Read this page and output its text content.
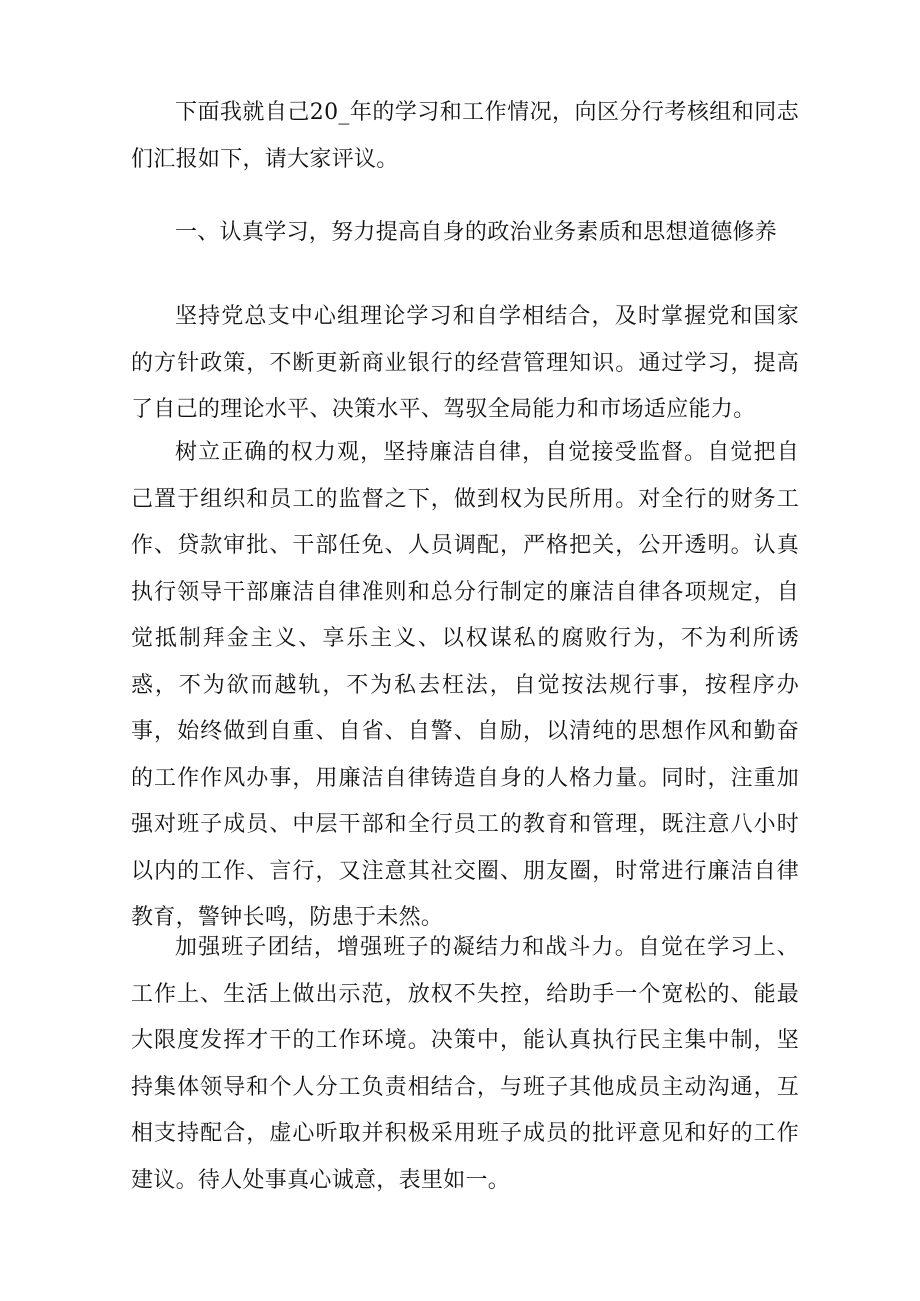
下面我就自己20_年的学习和工作情况，向区分行考核组和同志们汇报如下，请大家评议。

一、认真学习，努力提高自身的政治业务素质和思想道德修养

坚持党总支中心组理论学习和自学相结合，及时掌握党和国家的方针政策，不断更新商业银行的经营管理知识。通过学习，提高了自己的理论水平、决策水平、驾驭全局能力和市场适应能力。

树立正确的权力观，坚持廉洁自律，自觉接受监督。自觉把自己置于组织和员工的监督之下，做到权为民所用。对全行的财务工作、贷款审批、干部任免、人员调配，严格把关，公开透明。认真执行领导干部廉洁自律准则和总分行制定的廉洁自律各项规定，自觉抵制拜金主义、享乐主义、以权谋私的腐败行为，不为利所诱惑，不为欲而越轨，不为私去枉法，自觉按法规行事，按程序办事，始终做到自重、自省、自警、自励，以清纯的思想作风和勤奋的工作作风办事，用廉洁自律铸造自身的人格力量。同时，注重加强对班子成员、中层干部和全行员工的教育和管理，既注意八小时以内的工作、言行，又注意其社交圈、朋友圈，时常进行廉洁自律教育，警钟长鸣，防患于未然。

加强班子团结，增强班子的凝结力和战斗力。自觉在学习上、工作上、生活上做出示范，放权不失控，给助手一个宽松的、能最大限度发挥才干的工作环境。决策中，能认真执行民主集中制，坚持集体领导和个人分工负责相结合，与班子其他成员主动沟通，互相支持配合，虚心听取并积极采用班子成员的批评意见和好的工作建议。待人处事真心诚意，表里如一。
